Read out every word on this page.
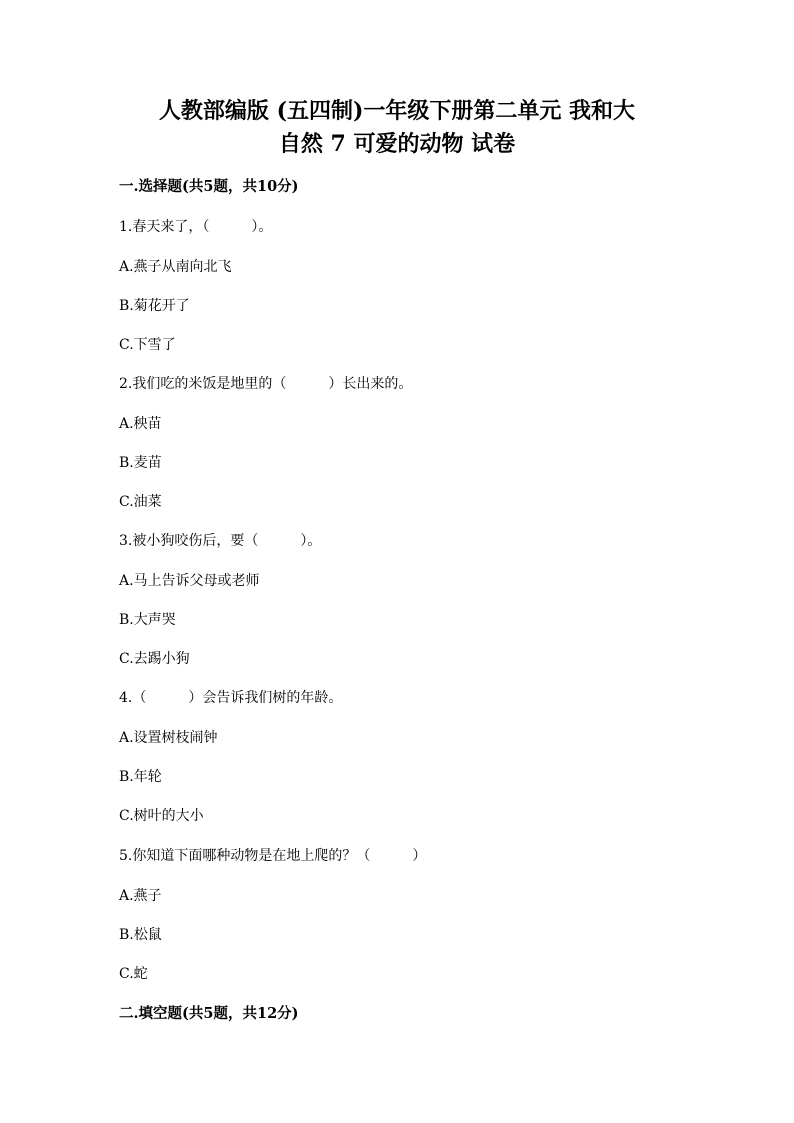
人教部编版 (五四制)一年级下册第二单元 我和大
自然 7 可爱的动物 试卷
一.选择题(共5题，共10分)
1.春天来了，（　　　）。
A.燕子从南向北飞
B.菊花开了
C.下雪了
2.我们吃的米饭是地里的（　　　）长出来的。
A.秧苗
B.麦苗
C.油菜
3.被小狗咬伤后，要（　　　）。
A.马上告诉父母或老师
B.大声哭
C.去踢小狗
4.（　　　）会告诉我们树的年龄。
A.设置树枝闹钟
B.年轮
C.树叶的大小
5.你知道下面哪种动物是在地上爬的？（　　　）
A.燕子
B.松鼠
C.蛇
二.填空题(共5题，共12分)
